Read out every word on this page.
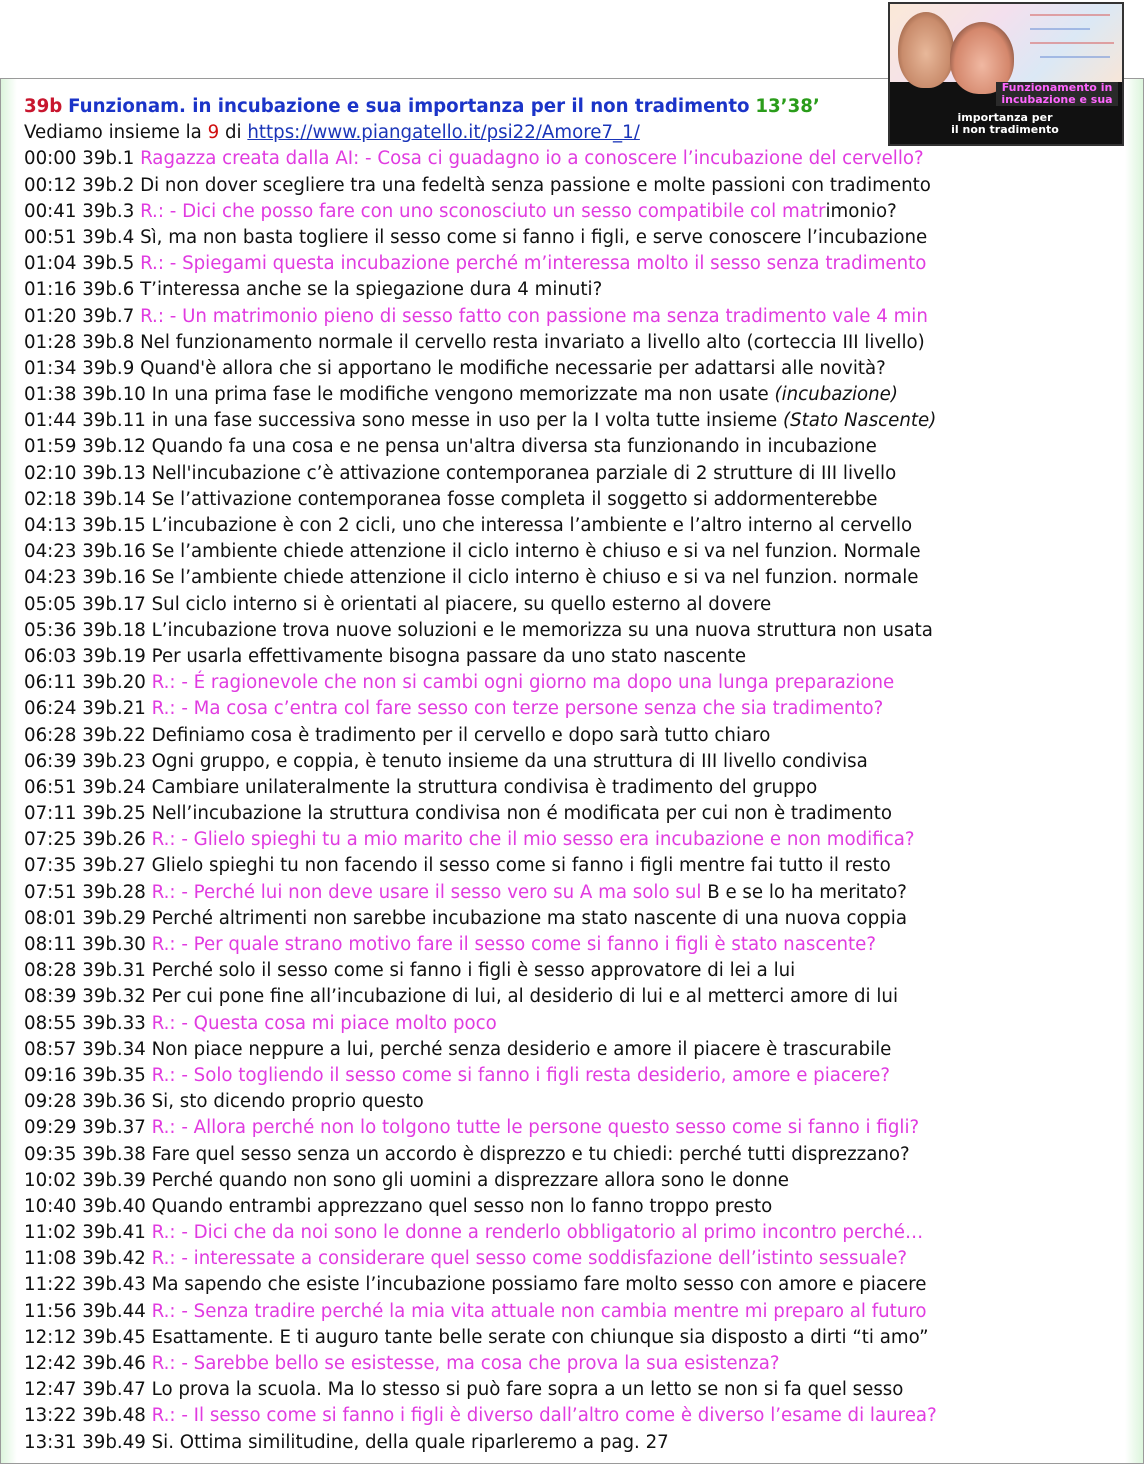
Funzionamento in
incubazione e sua
importanza per
il non tradimento
39b Funzionam. in incubazione e sua importanza per il non tradimento 13’38’
Vediamo insieme la 9 di https://www.piangatello.it/psi22/Amore7_1/
00:00 39b.1 Ragazza creata dalla AI: - Cosa ci guadagno io a conoscere l’incubazione del cervello?
00:12 39b.2 Di non dover scegliere tra una fedeltà senza passione e molte passioni con tradimento
00:41 39b.3 R.: - Dici che posso fare con uno sconosciuto un sesso compatibile col matrimonio?
00:51 39b.4 Sì, ma non basta togliere il sesso come si fanno i figli, e serve conoscere l’incubazione
01:04 39b.5 R.: - Spiegami questa incubazione perché m’interessa molto il sesso senza tradimento
01:16 39b.6 T’interessa anche se la spiegazione dura 4 minuti?
01:20 39b.7 R.: - Un matrimonio pieno di sesso fatto con passione ma senza tradimento vale 4 min
01:28 39b.8 Nel funzionamento normale il cervello resta invariato a livello alto (corteccia III livello)
01:34 39b.9 Quand'è allora che si apportano le modifiche necessarie per adattarsi alle novità?
01:38 39b.10 In una prima fase le modifiche vengono memorizzate ma non usate (incubazione)
01:44 39b.11 in una fase successiva sono messe in uso per la I volta tutte insieme (Stato Nascente)
01:59 39b.12 Quando fa una cosa e ne pensa un'altra diversa sta funzionando in incubazione
02:10 39b.13 Nell'incubazione c’è attivazione contemporanea parziale di 2 strutture di III livello
02:18 39b.14 Se l’attivazione contemporanea fosse completa il soggetto si addormenterebbe
04:13 39b.15 L’incubazione è con 2 cicli, uno che interessa l’ambiente e l’altro interno al cervello
04:23 39b.16 Se l’ambiente chiede attenzione il ciclo interno è chiuso e si va nel funzion. Normale
04:23 39b.16 Se l’ambiente chiede attenzione il ciclo interno è chiuso e si va nel funzion. normale
05:05 39b.17 Sul ciclo interno si è orientati al piacere, su quello esterno al dovere
05:36 39b.18 L’incubazione trova nuove soluzioni e le memorizza su una nuova struttura non usata
06:03 39b.19 Per usarla effettivamente bisogna passare da uno stato nascente
06:11 39b.20 R.: - É ragionevole che non si cambi ogni giorno ma dopo una lunga preparazione
06:24 39b.21 R.: - Ma cosa c’entra col fare sesso con terze persone senza che sia tradimento?
06:28 39b.22 Definiamo cosa è tradimento per il cervello e dopo sarà tutto chiaro
06:39 39b.23 Ogni gruppo, e coppia, è tenuto insieme da una struttura di III livello condivisa
06:51 39b.24 Cambiare unilateralmente la struttura condivisa è tradimento del gruppo
07:11 39b.25 Nell’incubazione la struttura condivisa non é modificata per cui non è tradimento
07:25 39b.26 R.: - Glielo spieghi tu a mio marito che il mio sesso era incubazione e non modifica?
07:35 39b.27 Glielo spieghi tu non facendo il sesso come si fanno i figli mentre fai tutto il resto
07:51 39b.28 R.: - Perché lui non deve usare il sesso vero su A ma solo sul B e se lo ha meritato?
08:01 39b.29 Perché altrimenti non sarebbe incubazione ma stato nascente di una nuova coppia
08:11 39b.30 R.: - Per quale strano motivo fare il sesso come si fanno i figli è stato nascente?
08:28 39b.31 Perché solo il sesso come si fanno i figli è sesso approvatore di lei a lui
08:39 39b.32 Per cui pone fine all’incubazione di lui, al desiderio di lui e al metterci amore di lui
08:55 39b.33 R.: - Questa cosa mi piace molto poco
08:57 39b.34 Non piace neppure a lui, perché senza desiderio e amore il piacere è trascurabile
09:16 39b.35 R.: - Solo togliendo il sesso come si fanno i figli resta desiderio, amore e piacere?
09:28 39b.36 Si, sto dicendo proprio questo
09:29 39b.37 R.: - Allora perché non lo tolgono tutte le persone questo sesso come si fanno i figli?
09:35 39b.38 Fare quel sesso senza un accordo è disprezzo e tu chiedi: perché tutti disprezzano?
10:02 39b.39 Perché quando non sono gli uomini a disprezzare allora sono le donne
10:40 39b.40 Quando entrambi apprezzano quel sesso non lo fanno troppo presto
11:02 39b.41 R.: - Dici che da noi sono le donne a renderlo obbligatorio al primo incontro perché…
11:08 39b.42 R.: - interessate a considerare quel sesso come soddisfazione dell’istinto sessuale?
11:22 39b.43 Ma sapendo che esiste l’incubazione possiamo fare molto sesso con amore e piacere
11:56 39b.44 R.: - Senza tradire perché la mia vita attuale non cambia mentre mi preparo al futuro
12:12 39b.45 Esattamente. E ti auguro tante belle serate con chiunque sia disposto a dirti “ti amo”
12:42 39b.46 R.: - Sarebbe bello se esistesse, ma cosa che prova la sua esistenza?
12:47 39b.47 Lo prova la scuola. Ma lo stesso si può fare sopra a un letto se non si fa quel sesso
13:22 39b.48 R.: - Il sesso come si fanno i figli è diverso dall’altro come è diverso l’esame di laurea?
13:31 39b.49 Si. Ottima similitudine, della quale riparleremo a pag. 27
